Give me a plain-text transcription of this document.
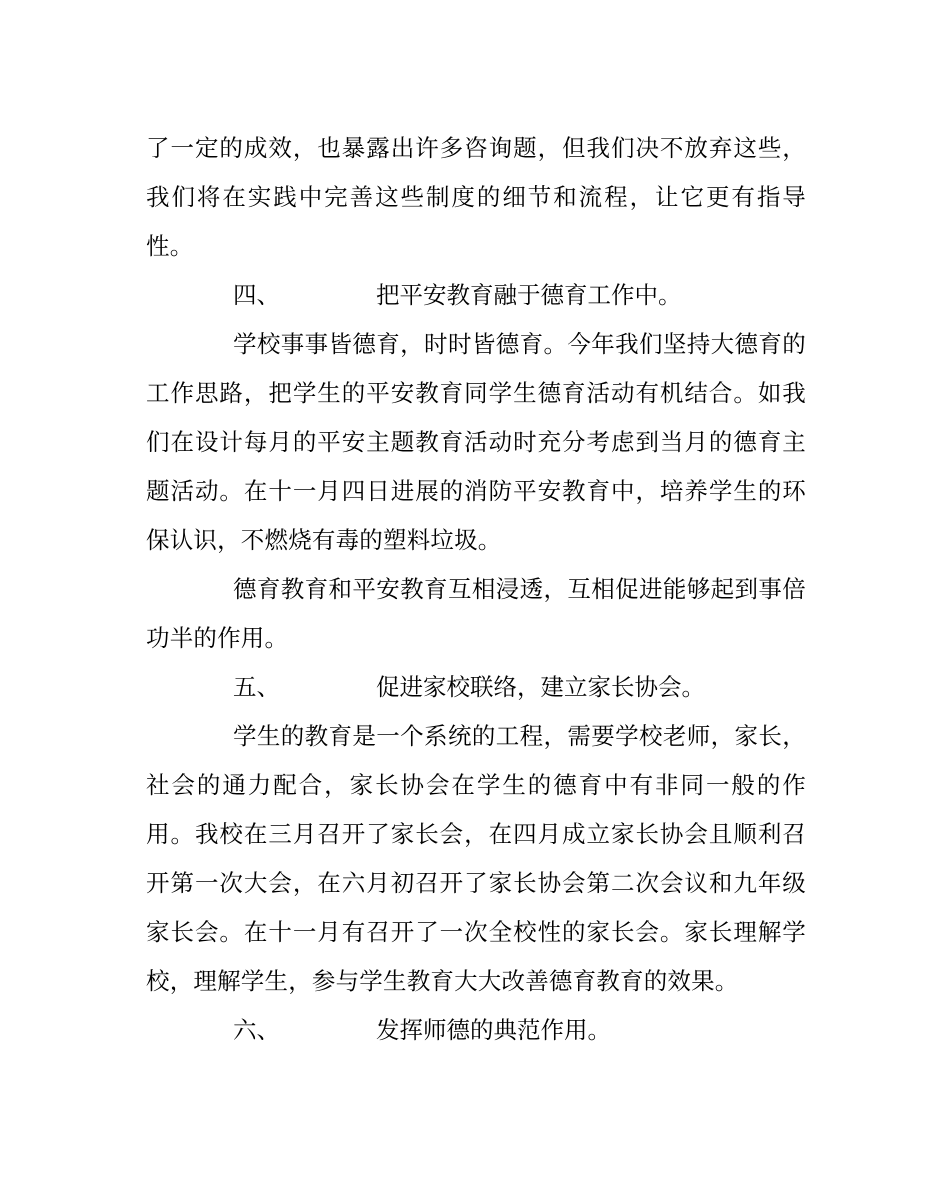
了一定的成效，也暴露出许多咨询题，但我们决不放弃这些，我们将在实践中完善这些制度的细节和流程，让它更有指导性。

四、	把平安教育融于德育工作中。

学校事事皆德育，时时皆德育。今年我们坚持大德育的工作思路，把学生的平安教育同学生德育活动有机结合。如我们在设计每月的平安主题教育活动时充分考虑到当月的德育主题活动。在十一月四日进展的消防平安教育中，培养学生的环保认识，不燃烧有毒的塑料垃圾。

德育教育和平安教育互相浸透，互相促进能够起到事倍功半的作用。

五、	促进家校联络，建立家长协会。

学生的教育是一个系统的工程，需要学校老师，家长，社会的通力配合，家长协会在学生的德育中有非同一般的作用。我校在三月召开了家长会，在四月成立家长协会且顺利召开第一次大会，在六月初召开了家长协会第二次会议和九年级家长会。在十一月有召开了一次全校性的家长会。家长理解学校，理解学生，参与学生教育大大改善德育教育的效果。

六、	发挥师德的典范作用。
